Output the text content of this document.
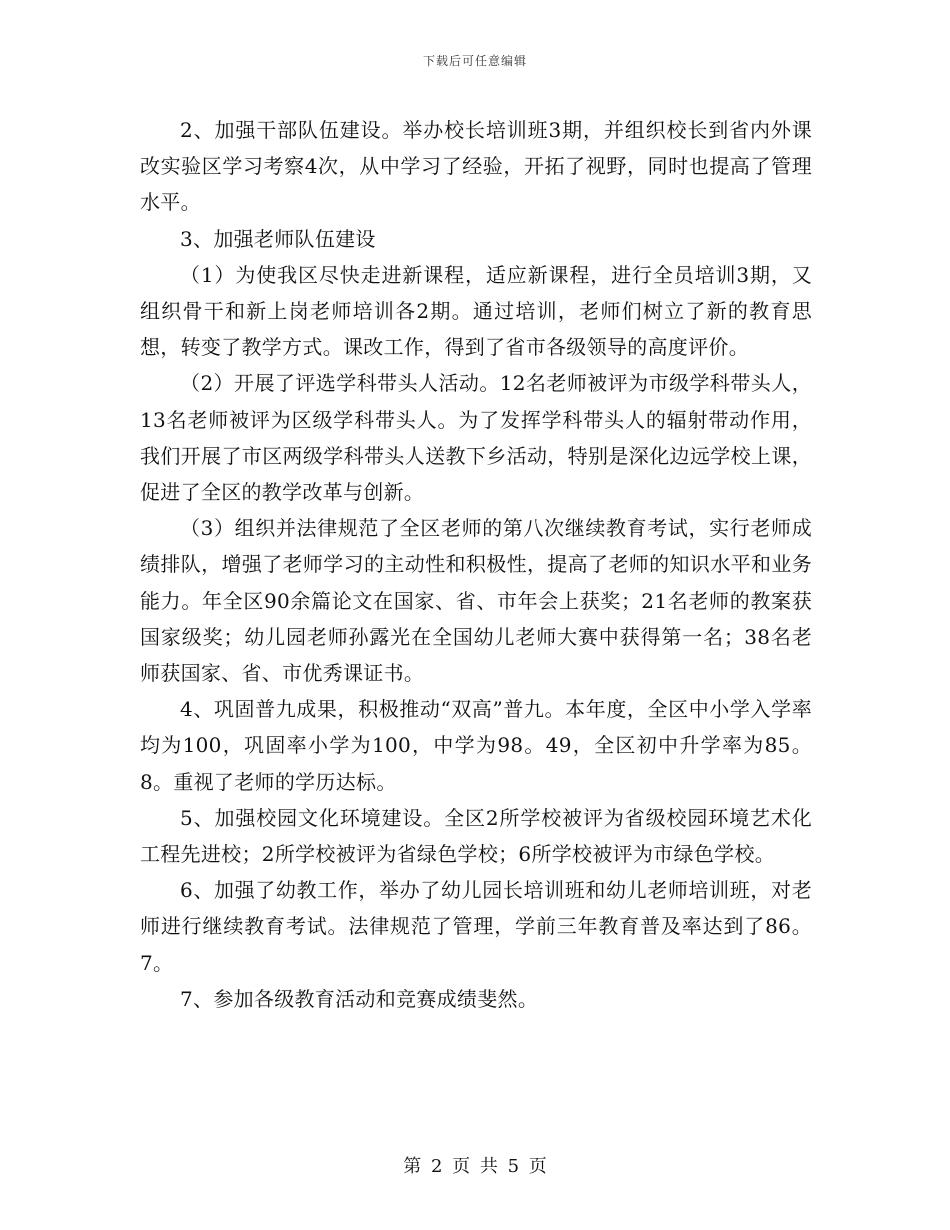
下载后可任意编辑

2、加强干部队伍建设。举办校长培训班3期，并组织校长到省内外课改实验区学习考察4次，从中学习了经验，开拓了视野，同时也提高了管理水平。

3、加强老师队伍建设

（1）为使我区尽快走进新课程，适应新课程，进行全员培训3期，又组织骨干和新上岗老师培训各2期。通过培训，老师们树立了新的教育思想，转变了教学方式。课改工作，得到了省市各级领导的高度评价。

（2）开展了评选学科带头人活动。12名老师被评为市级学科带头人，13名老师被评为区级学科带头人。为了发挥学科带头人的辐射带动作用，我们开展了市区两级学科带头人送教下乡活动，特别是深化边远学校上课，促进了全区的教学改革与创新。

（3）组织并法律规范了全区老师的第八次继续教育考试，实行老师成绩排队，增强了老师学习的主动性和积极性，提高了老师的知识水平和业务能力。年全区90余篇论文在国家、省、市年会上获奖；21名老师的教案获国家级奖；幼儿园老师孙露光在全国幼儿老师大赛中获得第一名；38名老师获国家、省、市优秀课证书。

4、巩固普九成果，积极推动“双高”普九。本年度，全区中小学入学率均为100，巩固率小学为100，中学为98。49，全区初中升学率为85。8。重视了老师的学历达标。

5、加强校园文化环境建设。全区2所学校被评为省级校园环境艺术化工程先进校；2所学校被评为省绿色学校；6所学校被评为市绿色学校。

6、加强了幼教工作，举办了幼儿园长培训班和幼儿老师培训班，对老师进行继续教育考试。法律规范了管理，学前三年教育普及率达到了86。7。

7、参加各级教育活动和竞赛成绩斐然。

第 2 页 共 5 页
